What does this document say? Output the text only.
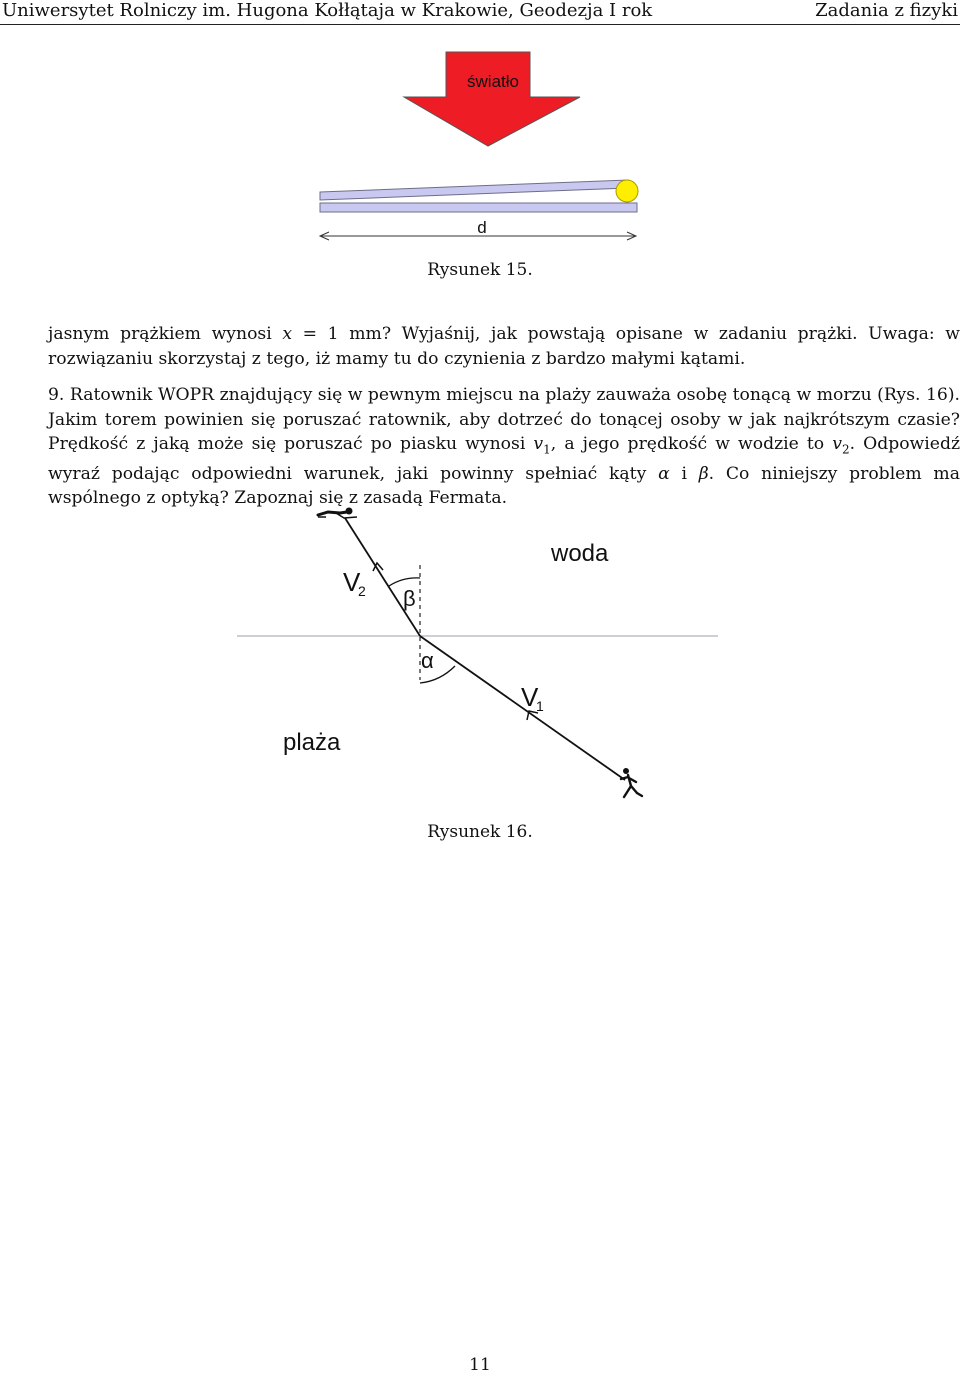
Uniwersytet Rolniczy im. Hugona Kołłątaja w Krakowie, Geodezja I rok	Zadania z fizyki
światło
d
Rysunek 15.
jasnym prążkiem wynosi x = 1 mm? Wyjaśnij, jak powstają opisane w zadaniu prążki. Uwaga: w rozwiązaniu skorzystaj z tego, iż mamy tu do czynienia z bardzo małymi kątami.
9. Ratownik WOPR znajdujący się w pewnym miejscu na plaży zauważa osobę tonącą w morzu (Rys. 16). Jakim torem powinien się poruszać ratownik, aby dotrzeć do tonącej osoby w jak najkrótszym czasie? Prędkość z jaką może się poruszać po piasku wynosi $v_1$, a jego prędkość w wodzie to $v_2$. Odpowiedź wyraź podając odpowiedni warunek, jaki powinny spełniać kąty α i β. Co niniejszy problem ma wspólnego z optyką? Zapoznaj się z zasadą Fermata.
woda
plaża
V
2
V
1
β
α
Rysunek 16.
11
